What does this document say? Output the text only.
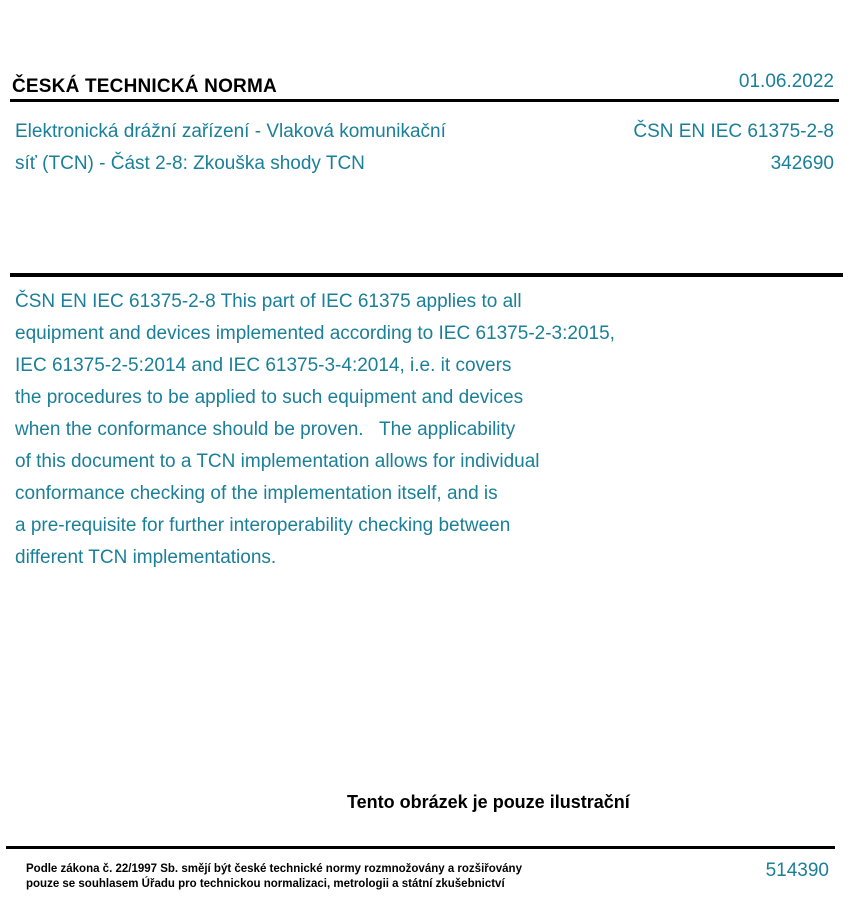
ČESKÁ TECHNICKÁ NORMA	01.06.2022
Elektronická drážní zařízení - Vlaková komunikační
síť (TCN) - Část 2-8: Zkouška shody TCN
ČSN EN IEC 61375-2-8
342690
ČSN EN IEC 61375-2-8 This part of IEC 61375 applies to all
equipment and devices implemented according to IEC 61375-2-3:2015,
IEC 61375-2-5:2014 and IEC 61375-3-4:2014, i.e. it covers
the procedures to be applied to such equipment and devices
when the conformance should be proven.   The applicability
of this document to a TCN implementation allows for individual
conformance checking of the implementation itself, and is
a pre-requisite for further interoperability checking between
different TCN implementations.
Tento obrázek je pouze ilustrační
Podle zákona č. 22/1997 Sb. smějí být české technické normy rozmnožovány a rozšiřovány
pouze se souhlasem Úřadu pro technickou normalizaci, metrologii a státní zkušebnictví
514390
